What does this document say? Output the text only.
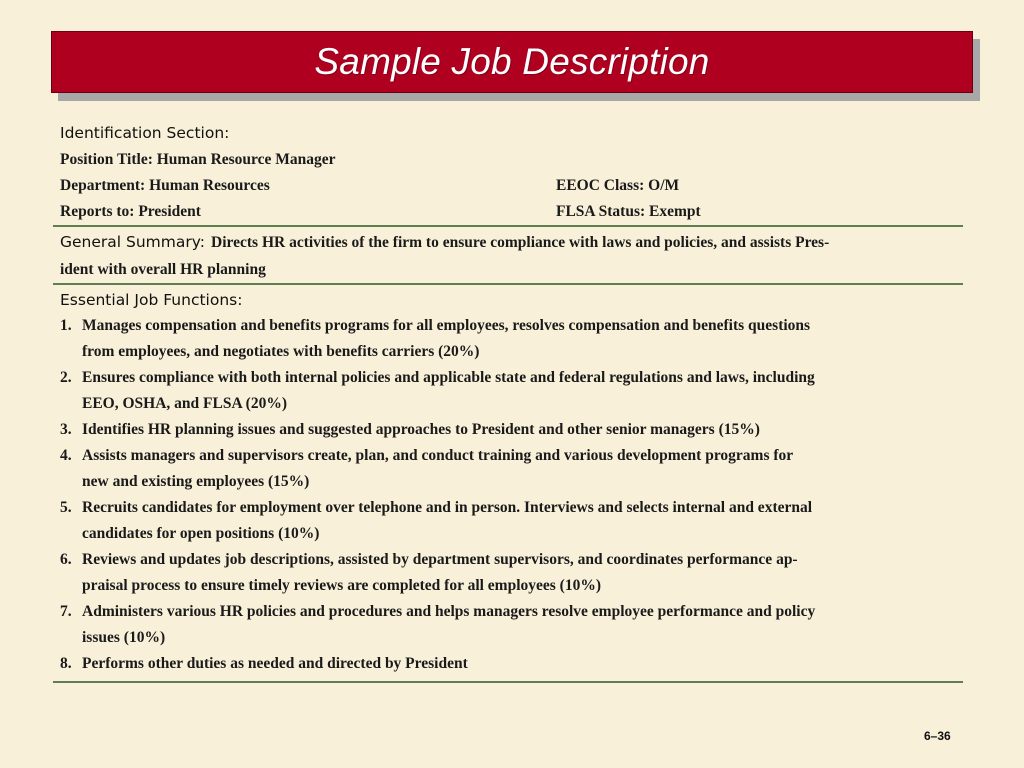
Sample Job Description
Identification Section:
Position Title: Human Resource Manager
Department: Human Resources	EEOC Class: O/M
Reports to: President	FLSA Status: Exempt
General Summary: Directs HR activities of the firm to ensure compliance with laws and policies, and assists Pres-
ident with overall HR planning
Essential Job Functions:
1. Manages compensation and benefits programs for all employees, resolves compensation and benefits questions
from employees, and negotiates with benefits carriers (20%)
2. Ensures compliance with both internal policies and applicable state and federal regulations and laws, including
EEO, OSHA, and FLSA (20%)
3. Identifies HR planning issues and suggested approaches to President and other senior managers (15%)
4. Assists managers and supervisors create, plan, and conduct training and various development programs for
new and existing employees (15%)
5. Recruits candidates for employment over telephone and in person. Interviews and selects internal and external
candidates for open positions (10%)
6. Reviews and updates job descriptions, assisted by department supervisors, and coordinates performance ap-
praisal process to ensure timely reviews are completed for all employees (10%)
7. Administers various HR policies and procedures and helps managers resolve employee performance and policy
issues (10%)
8. Performs other duties as needed and directed by President
6–36
